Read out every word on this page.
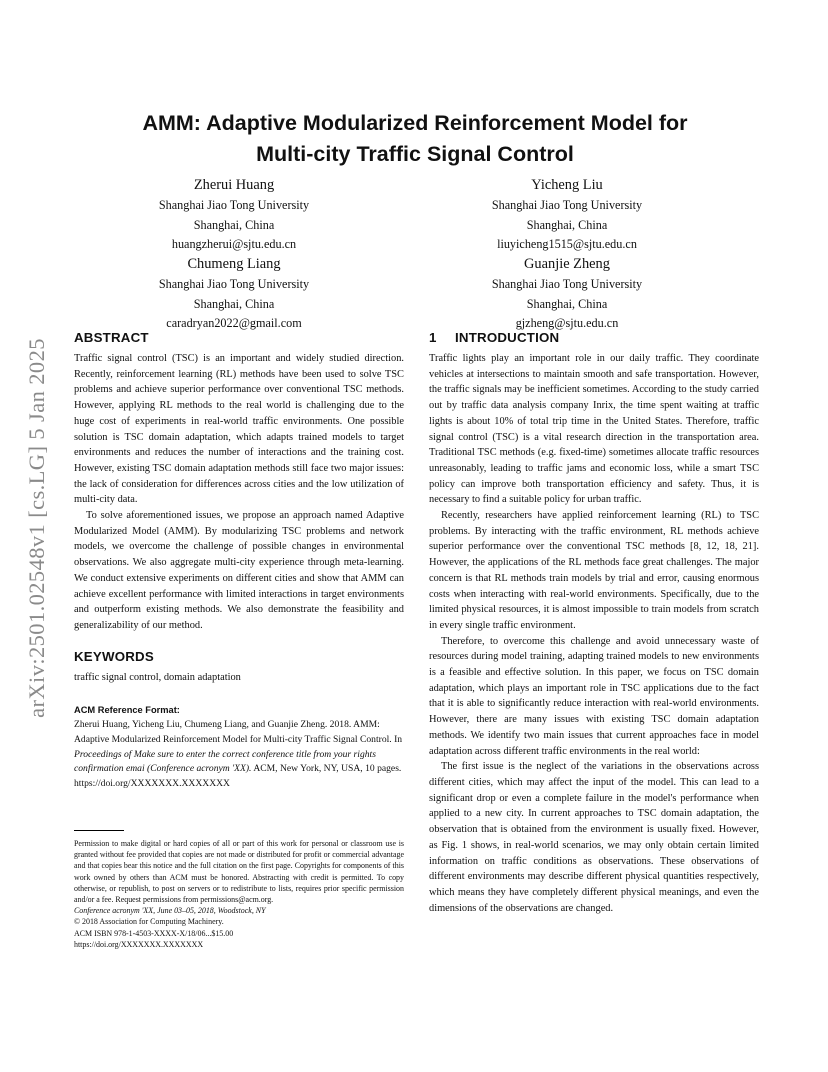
arXiv:2501.02548v1 [cs.LG] 5 Jan 2025
AMM: Adaptive Modularized Reinforcement Model for
Multi-city Traffic Signal Control
Zherui Huang
Shanghai Jiao Tong University
Shanghai, China
huangzherui@sjtu.edu.cn
Yicheng Liu
Shanghai Jiao Tong University
Shanghai, China
liuyicheng1515@sjtu.edu.cn
Chumeng Liang
Shanghai Jiao Tong University
Shanghai, China
caradryan2022@gmail.com
Guanjie Zheng
Shanghai Jiao Tong University
Shanghai, China
gjzheng@sjtu.edu.cn
ABSTRACT

Traffic signal control (TSC) is an important and widely studied direction. Recently, reinforcement learning (RL) methods have been used to solve TSC problems and achieve superior performance over conventional TSC methods. However, applying RL methods to the real world is challenging due to the huge cost of experiments in real-world traffic environments. One possible solution is TSC domain adaptation, which adapts trained models to target environments and reduces the number of interactions and the training cost. However, existing TSC domain adaptation methods still face two major issues: the lack of consideration for differences across cities and the low utilization of multi-city data.

To solve aforementioned issues, we propose an approach named Adaptive Modularized Model (AMM). By modularizing TSC problems and network models, we overcome the challenge of possible changes in environmental observations. We also aggregate multi-city experience through meta-learning. We conduct extensive experiments on different cities and show that AMM can achieve excellent performance with limited interactions in target environments and outperform existing methods. We also demonstrate the feasibility and generalizability of our method.

KEYWORDS

traffic signal control, domain adaptation

ACM Reference Format:

Zherui Huang, Yicheng Liu, Chumeng Liang, and Guanjie Zheng. 2018. AMM: Adaptive Modularized Reinforcement Model for Multi-city Traffic Signal Control. In Proceedings of Make sure to enter the correct conference title from your rights confirmation emai (Conference acronym 'XX). ACM, New York, NY, USA, 10 pages. https://doi.org/XXXXXXX.XXXXXXX

Permission to make digital or hard copies of all or part of this work for personal or classroom use is granted without fee provided that copies are not made or distributed for profit or commercial advantage and that copies bear this notice and the full citation on the first page. Copyrights for components of this work owned by others than ACM must be honored. Abstracting with credit is permitted. To copy otherwise, or republish, to post on servers or to redistribute to lists, requires prior specific permission and/or a fee. Request permissions from permissions@acm.org.

Conference acronym 'XX, June 03–05, 2018, Woodstock, NY
© 2018 Association for Computing Machinery.
ACM ISBN 978-1-4503-XXXX-X/18/06...$15.00
https://doi.org/XXXXXXX.XXXXXXX
1 INTRODUCTION

Traffic lights play an important role in our daily traffic. They coordinate vehicles at intersections to maintain smooth and safe transportation. However, the traffic signals may be inefficient sometimes. According to the study carried out by traffic data analysis company Inrix, the time spent waiting at traffic lights is about 10% of total trip time in the United States. Therefore, traffic signal control (TSC) is a vital research direction in the transportation area. Traditional TSC methods (e.g. fixed-time) sometimes allocate traffic resources unreasonably, leading to traffic jams and economic loss, while a smart TSC policy can improve both transportation efficiency and safety. Thus, it is necessary to find a suitable policy for urban traffic.

Recently, researchers have applied reinforcement learning (RL) to TSC problems. By interacting with the traffic environment, RL methods achieve superior performance over the conventional TSC methods [8, 12, 18, 21]. However, the applications of the RL methods face great challenges. The major concern is that RL methods train models by trial and error, causing enormous costs when interacting with real-world environments. Specifically, due to the limited physical resources, it is almost impossible to train models from scratch in every single traffic environment.

Therefore, to overcome this challenge and avoid unnecessary waste of resources during model training, adapting trained models to new environments is a feasible and effective solution. In this paper, we focus on TSC domain adaptation, which plays an important role in TSC applications due to the fact that it is able to significantly reduce interaction with real-world environments. However, there are many issues with existing TSC domain adaptation methods. We identify two main issues that current approaches face in model adaptation across different traffic environments in the real world:

The first issue is the neglect of the variations in the observations across different cities, which may affect the input of the model. This can lead to a significant drop or even a complete failure in the model's performance when applied to a new city. In current approaches to TSC domain adaptation, the observation that is obtained from the environment is usually fixed. However, as Fig. 1 shows, in real-world scenarios, we may only obtain certain limited information on traffic conditions as observations. These observations of different environments may describe different physical quantities respectively, which means they have completely different physical meanings, and even the dimensions of the observations are changed.
